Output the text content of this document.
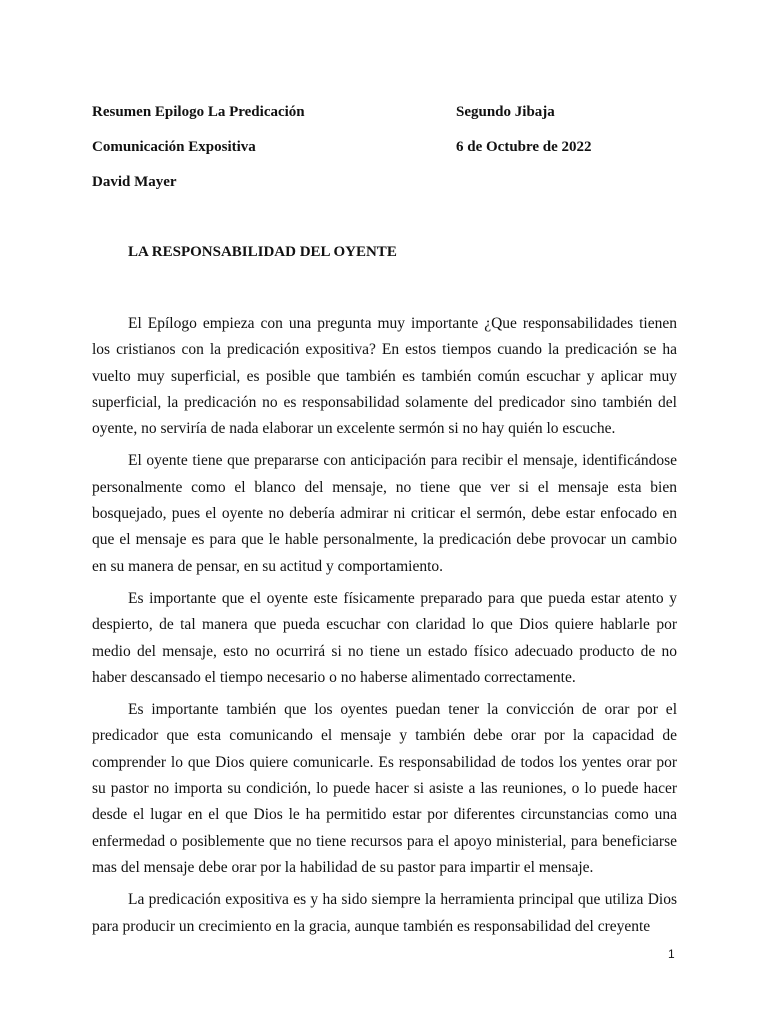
Resumen Epilogo La Predicación	Segundo Jibaja
Comunicación Expositiva	6 de Octubre de 2022
David Mayer
LA RESPONSABILIDAD DEL OYENTE

El Epílogo empieza con una pregunta muy importante ¿Que responsabilidades tienen los cristianos con la predicación expositiva? En estos tiempos cuando la predicación se ha vuelto muy superficial, es posible que también es también común escuchar y aplicar muy superficial, la predicación no es responsabilidad solamente del predicador sino también del oyente, no serviría de nada elaborar un excelente sermón si no hay quién lo escuche.

El oyente tiene que prepararse con anticipación para recibir el mensaje, identificándose personalmente como el blanco del mensaje, no tiene que ver si el mensaje esta bien bosquejado, pues el oyente no debería admirar ni criticar el sermón, debe estar enfocado en que el mensaje es para que le hable personalmente, la predicación debe provocar un cambio en su manera de pensar, en su actitud y comportamiento.

Es importante que el oyente este físicamente preparado para que pueda estar atento y despierto, de tal manera que pueda escuchar con claridad lo que Dios quiere hablarle por medio del mensaje, esto no ocurrirá si no tiene un estado físico adecuado producto de no haber descansado el tiempo necesario o no haberse alimentado correctamente.

Es importante también que los oyentes puedan tener la convicción de orar por el predicador que esta comunicando el mensaje y también debe orar por la capacidad de comprender lo que Dios quiere comunicarle. Es responsabilidad de todos los yentes orar por su pastor no importa su condición, lo puede hacer si asiste a las reuniones, o lo puede hacer desde el lugar en el que Dios le ha permitido estar por diferentes circunstancias como una enfermedad o posiblemente que no tiene recursos para el apoyo ministerial, para beneficiarse mas del mensaje debe orar por la habilidad de su pastor para impartir el mensaje.

La predicación expositiva es y ha sido siempre la herramienta principal que utiliza Dios para producir un crecimiento en la gracia, aunque también es responsabilidad del creyente

1
